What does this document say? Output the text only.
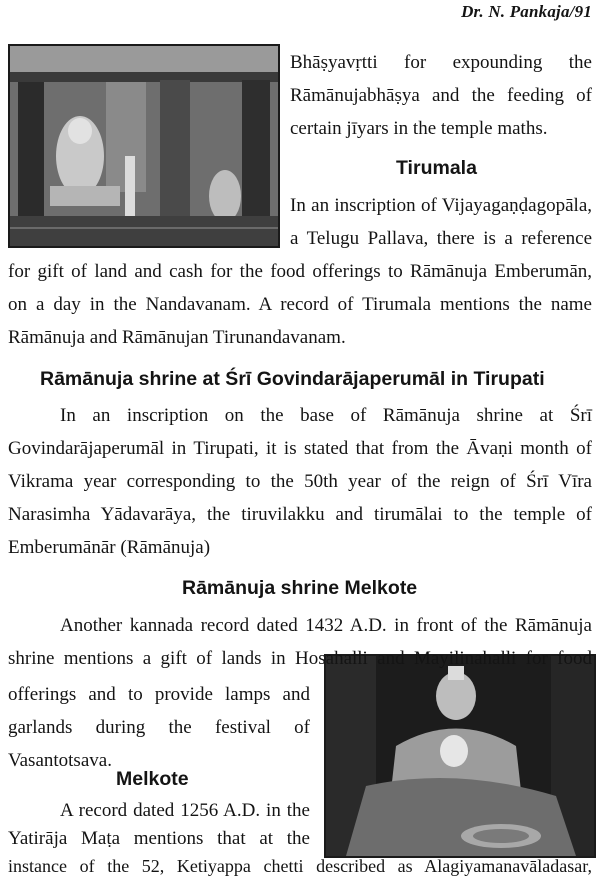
Dr. N. Pankaja/91
Bhāṣyavṛtti for expounding the
Rāmānujabhāṣya and the feeding of
certain jīyars in the temple maths.
Tirumala
In an inscription of Vijayagaṇḍagopāla,
a Telugu Pallava, there is a reference
for gift of land and cash for the food offerings to Rāmānuja Emberumān,
on a day in the Nandavanam. A record of Tirumala mentions the name
Rāmānuja and Rāmānujan Tirunandavanam.
Rāmānuja shrine at Śrī Govindarājaperumāl in Tirupati
In an inscription on the base of Rāmānuja shrine at Śrī
Govindarājaperumāl in Tirupati, it is stated that from the Āvaṇi month of
Vikrama year corresponding to the 50th year of the reign of Śrī Vīra
Narasimha Yādavarāya, the tiruvilakku and tirumālai to the temple of
Emberumānār (Rāmānuja)
Rāmānuja shrine Melkote
Another kannada record dated 1432 A.D. in front of the Rāmānuja
shrine mentions a gift of lands in Hosahalli and Mayilinahalli for food
offerings and to provide lamps and
garlands during the festival of
Vasantotsava.
Melkote
A record dated 1256 A.D. in the
Yatirāja Maṭa mentions that at the
instance of the 52, Ketiyappa chetti described as Alagiyamanavāladasar,
